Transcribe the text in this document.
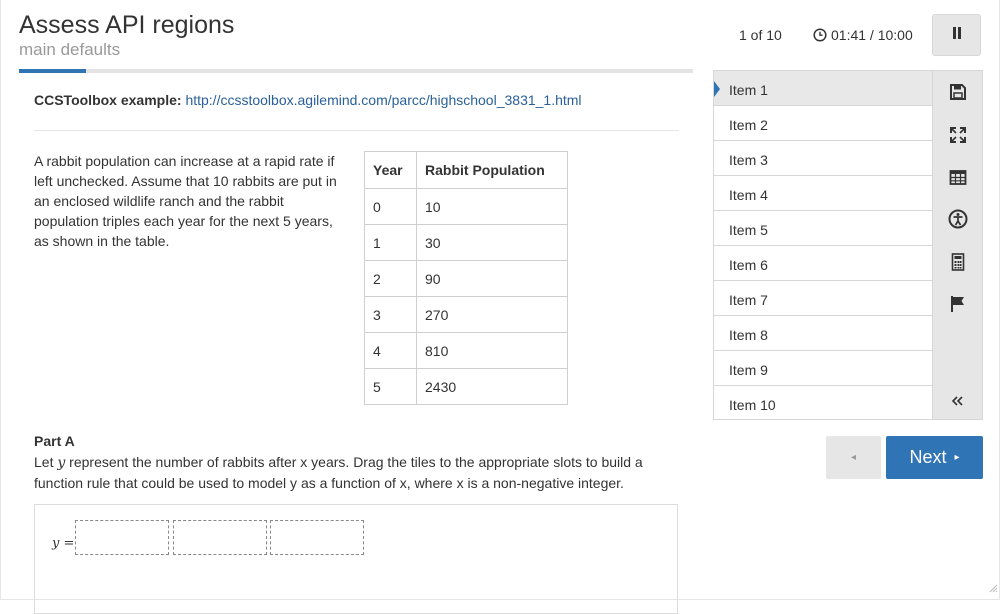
Assess API regions
main defaults
1 of 10	01:41 / 10:00
CCSToolbox example: http://ccsstoolbox.agilemind.com/parcc/highschool_3831_1.html
A rabbit population can increase at a rapid rate if left unchecked. Assume that 10 rabbits are put in an enclosed wildlife ranch and the rabbit population triples each year for the next 5 years, as shown in the table.
Year	Rabbit Population
0	10
1	30
2	90
3	270
4	810
5	2430
Part A
Let y represent the number of rabbits after x years. Drag the tiles to the appropriate slots to build a function rule that could be used to model y as a function of x, where x is a non-negative integer.
y =
Item 1
Item 2
Item 3
Item 4
Item 5
Item 6
Item 7
Item 8
Item 9
Item 10
◂	Next ▸
